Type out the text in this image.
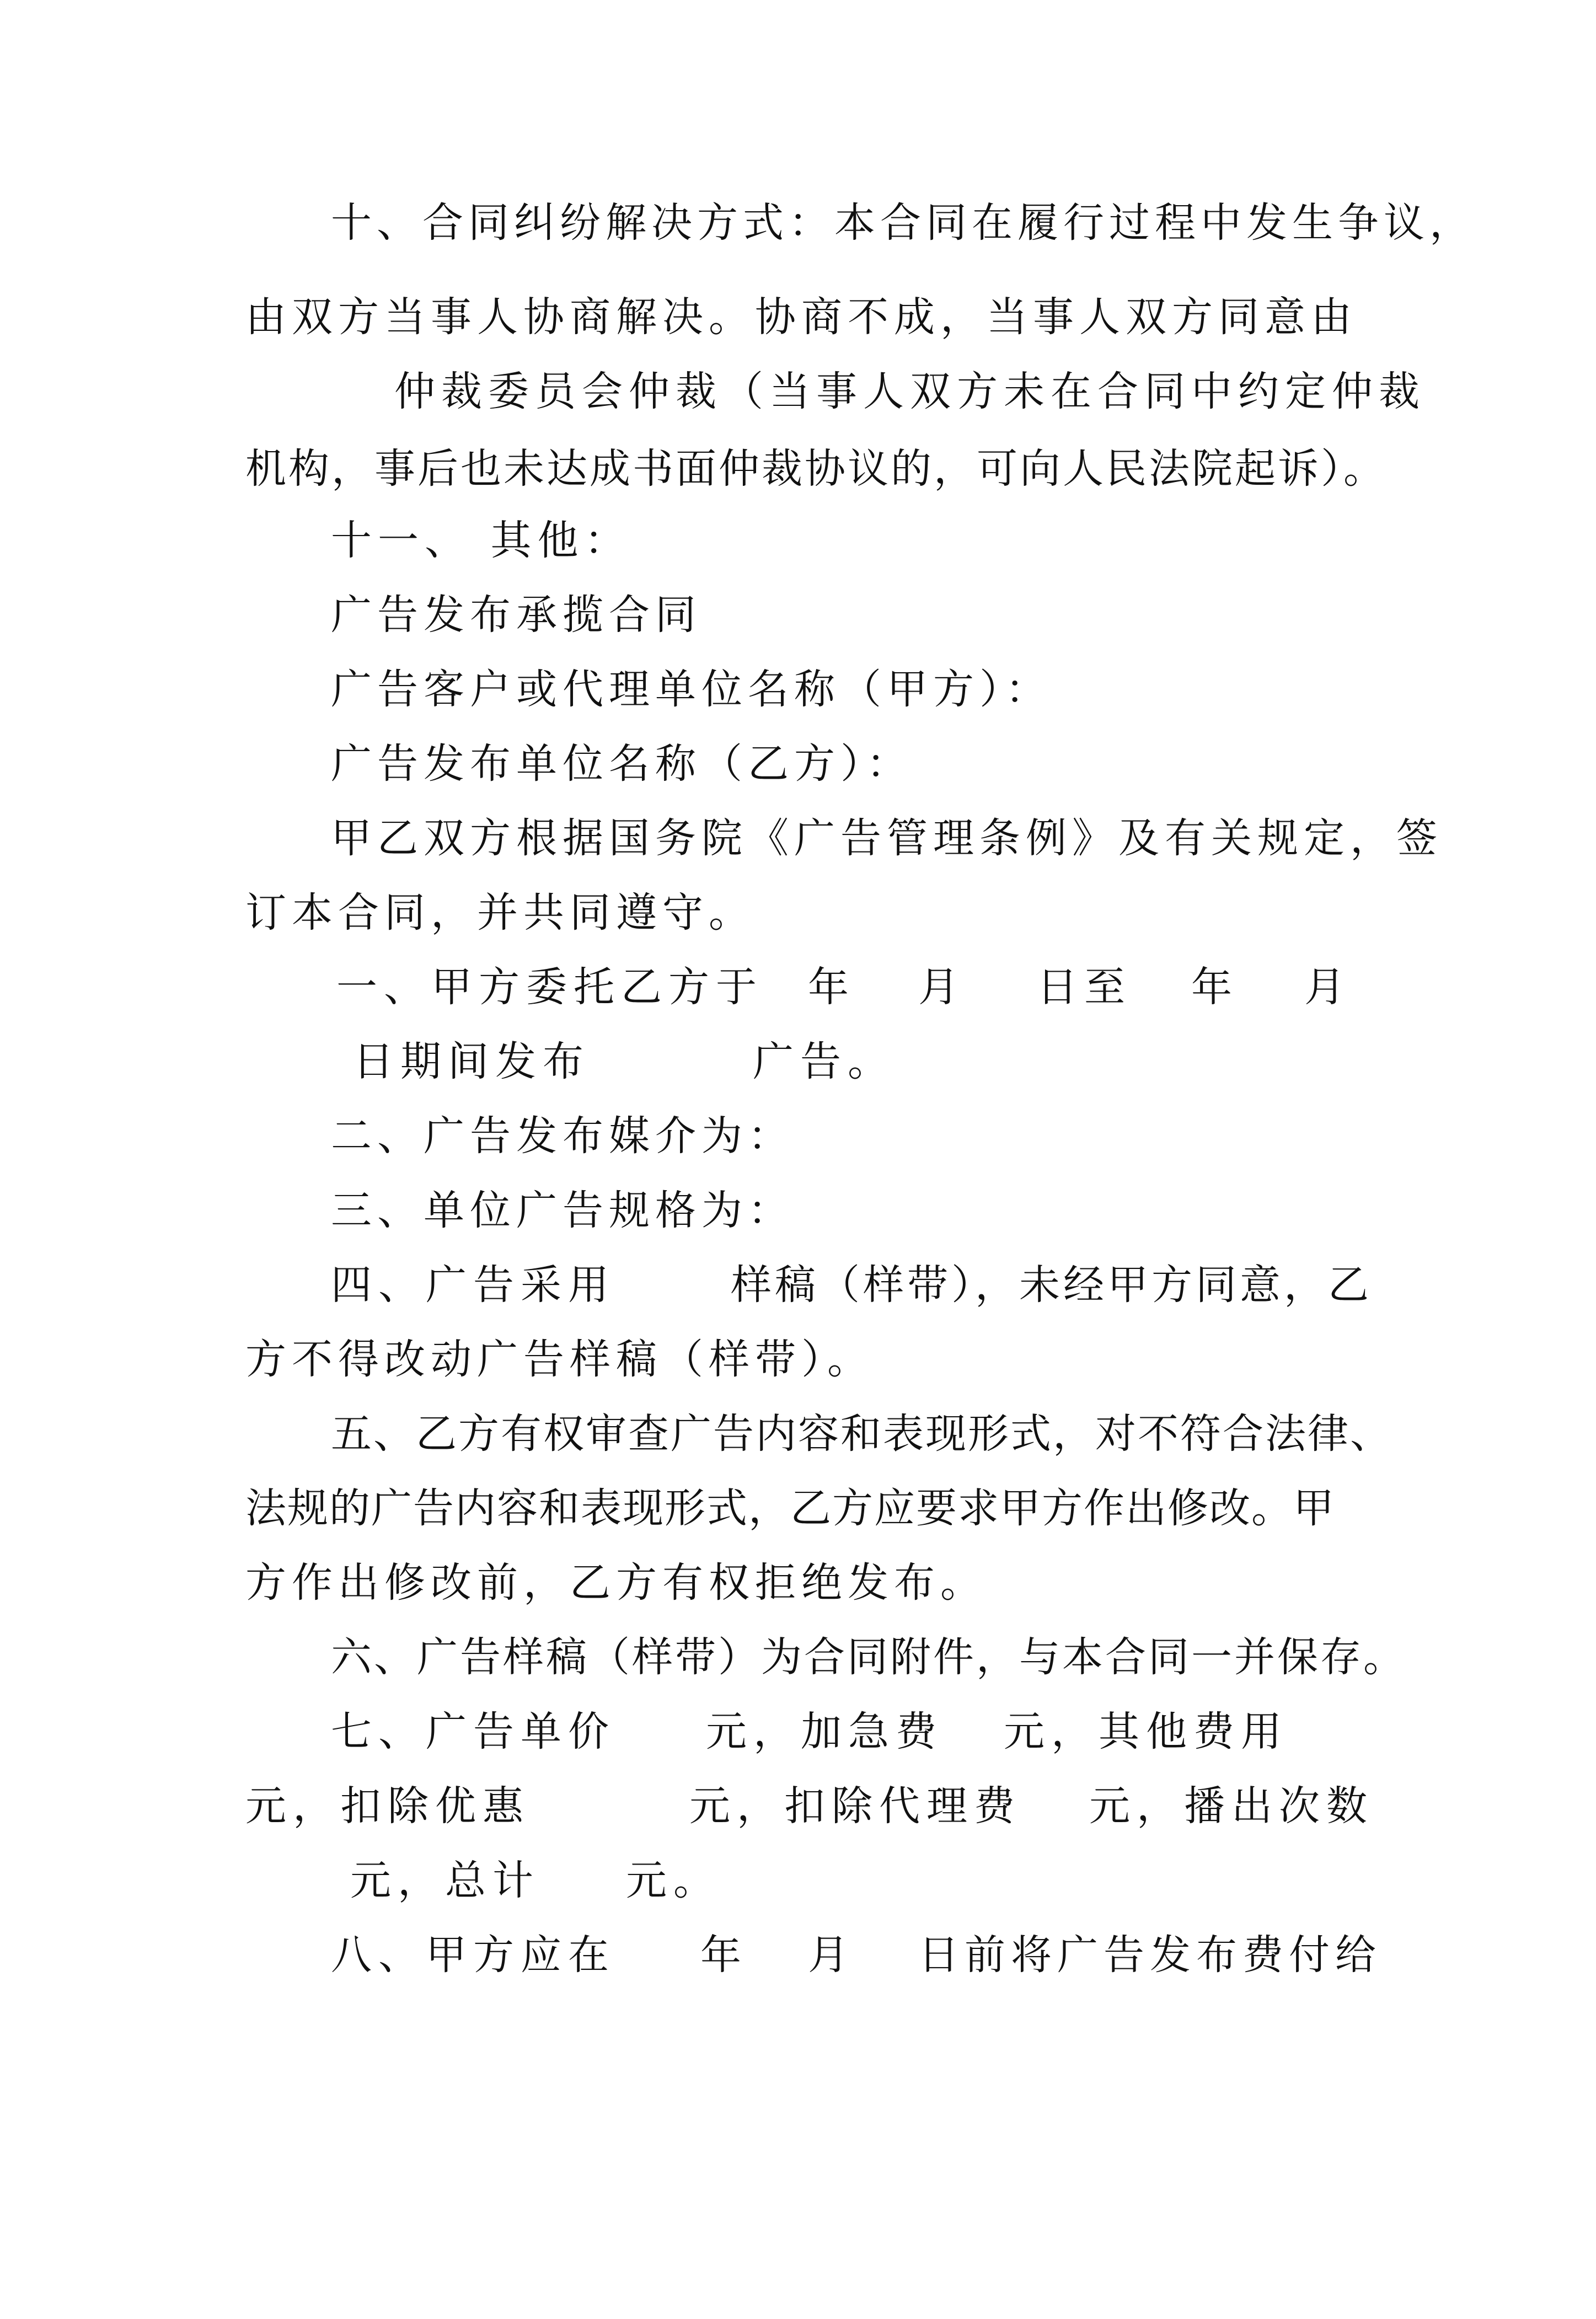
十、合同纠纷解决方式：本合同在履行过程中发生争议，

由双方当事人协商解决。协商不成，当事人双方同意由

仲裁委员会仲裁（当事人双方未在合同中约定仲裁

机构，事后也未达成书面仲裁协议的，可向人民法院起诉）。

十一、 其他：

广告发布承揽合同

广告客户或代理单位名称（甲方）：

广告发布单位名称（乙方）：

甲乙双方根据国务院《广告管理条例》及有关规定，签

订本合同，并共同遵守。

一、甲方委托乙方于

年

月

日至

年

月

日期间发布

	广告。

二、广告发布媒介为：

三、单位广告规格为：

四、广告采用

	样稿（样带），未经甲方同意，乙

方不得改动广告样稿（样带）。

五、乙方有权审查广告内容和表现形式，对不符合法律、

法规的广告内容和表现形式，乙方应要求甲方作出修改。甲

方作出修改前，乙方有权拒绝发布。

六、广告样稿（样带）为合同附件，与本合同一并保存。

七、广告单价

元，加急费

元，其他费用

元，扣除优惠

	元，扣除代理费

元，播出次数

元，总计

元。

八、甲方应在

年

月

日前将广告发布费付给
